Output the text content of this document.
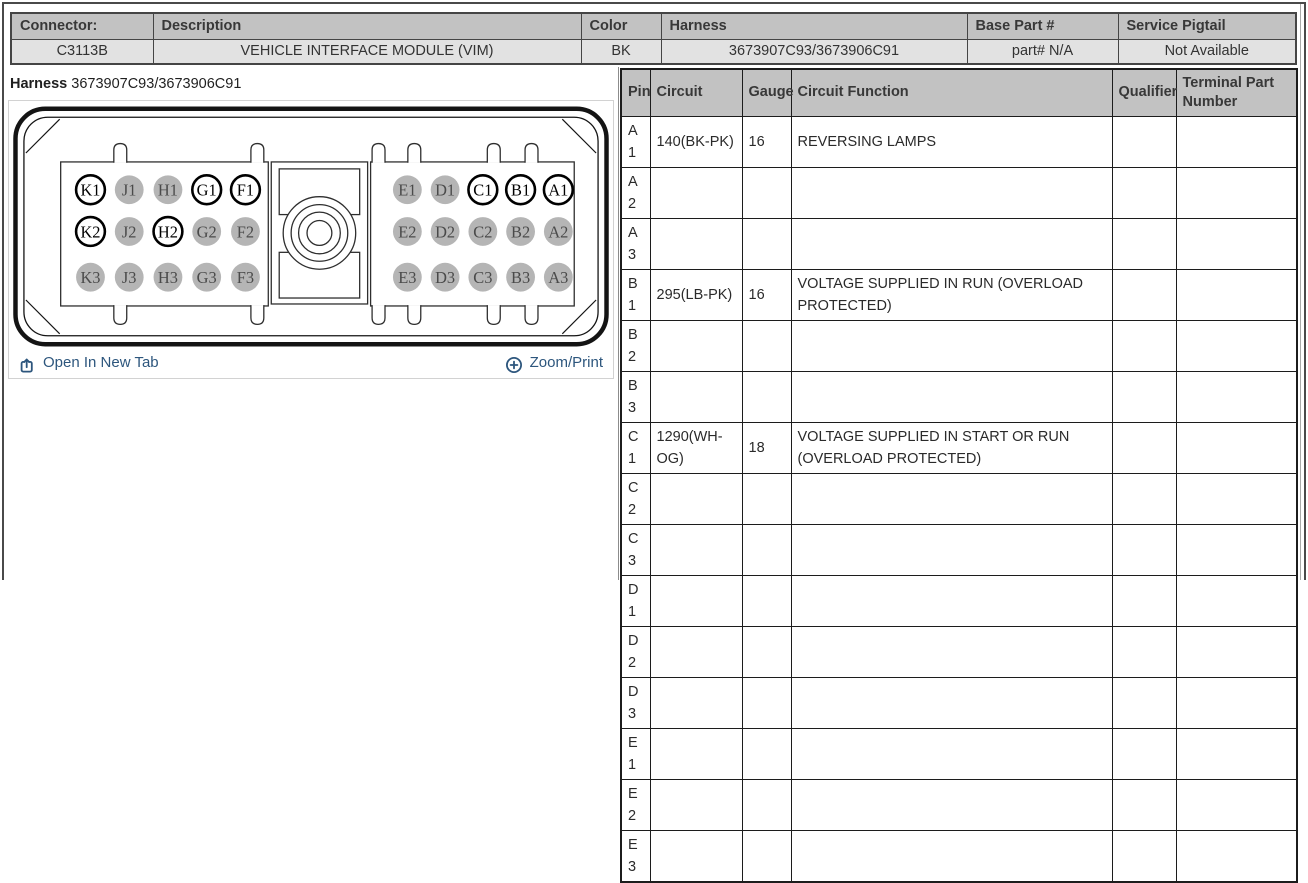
Connector:	Description	Color	Harness	Base Part #	Service Pigtail
C3113B	VEHICLE INTERFACE MODULE (VIM)	BK	3673907C93/3673906C91	part# N/A	Not Available
Harness 3673907C93/3673906C91
K1 J1 H1 G1 F1
K2 J2 H2 G2 F2
K3 J3 H3 G3 F3
E1 D1 C1 B1 A1
E2 D2 C2 B2 A2
E3 D3 C3 B3 A3
Open In New Tab	Zoom/Print
Pin	Circuit	Gauge	Circuit Function	Qualifier	Terminal Part Number
A1	140(BK-PK)	16	REVERSING LAMPS		
A2					
A3					
B1	295(LB-PK)	16	VOLTAGE SUPPLIED IN RUN (OVERLOAD PROTECTED)		
B2					
B3					
C1	1290(WH-OG)	18	VOLTAGE SUPPLIED IN START OR RUN (OVERLOAD PROTECTED)		
C2					
C3					
D1					
D2					
D3					
E1					
E2					
E3					
